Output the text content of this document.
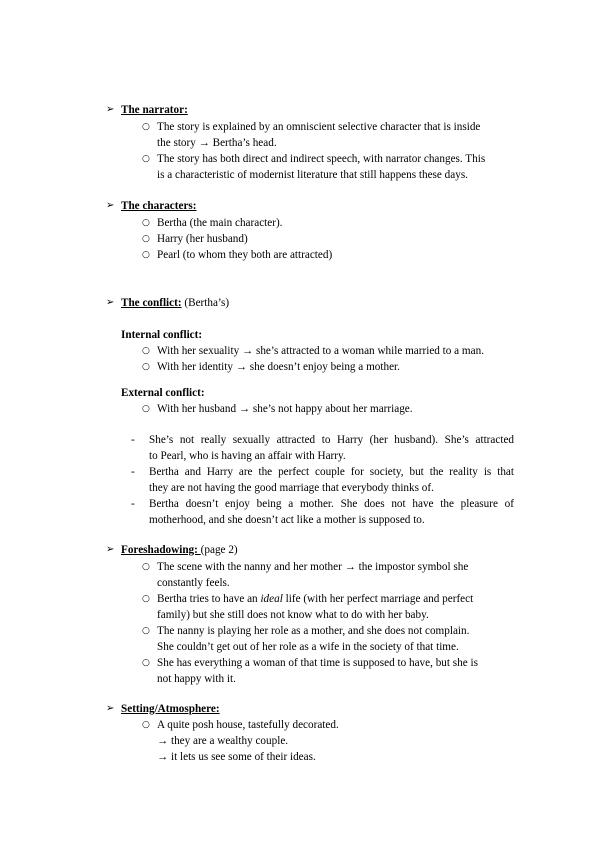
➢ The narrator:
○ The story is explained by an omniscient selective character that is inside
the story → Bertha’s head.
○ The story has both direct and indirect speech, with narrator changes. This
is a characteristic of modernist literature that still happens these days.
➢ The characters:
○ Bertha (the main character).
○ Harry (her husband)
○ Pearl (to whom they both are attracted)
➢ The conflict: (Bertha’s)
Internal conflict:
○ With her sexuality → she’s attracted to a woman while married to a man.
○ With her identity → she doesn’t enjoy being a mother.
External conflict:
○ With her husband → she’s not happy about her marriage.
- She’s not really sexually attracted to Harry (her husband). She’s attracted
to Pearl, who is having an affair with Harry.
- Bertha and Harry are the perfect couple for society, but the reality is that
they are not having the good marriage that everybody thinks of.
- Bertha doesn’t enjoy being a mother. She does not have the pleasure of
motherhood, and she doesn’t act like a mother is supposed to.
➢ Foreshadowing: (page 2)
○ The scene with the nanny and her mother → the impostor symbol she
constantly feels.
○ Bertha tries to have an ideal life (with her perfect marriage and perfect
family) but she still does not know what to do with her baby.
○ The nanny is playing her role as a mother, and she does not complain.
She couldn’t get out of her role as a wife in the society of that time.
○ She has everything a woman of that time is supposed to have, but she is
not happy with it.
➢ Setting/Atmosphere:
○ A quite posh house, tastefully decorated.
→ they are a wealthy couple.
→ it lets us see some of their ideas.
